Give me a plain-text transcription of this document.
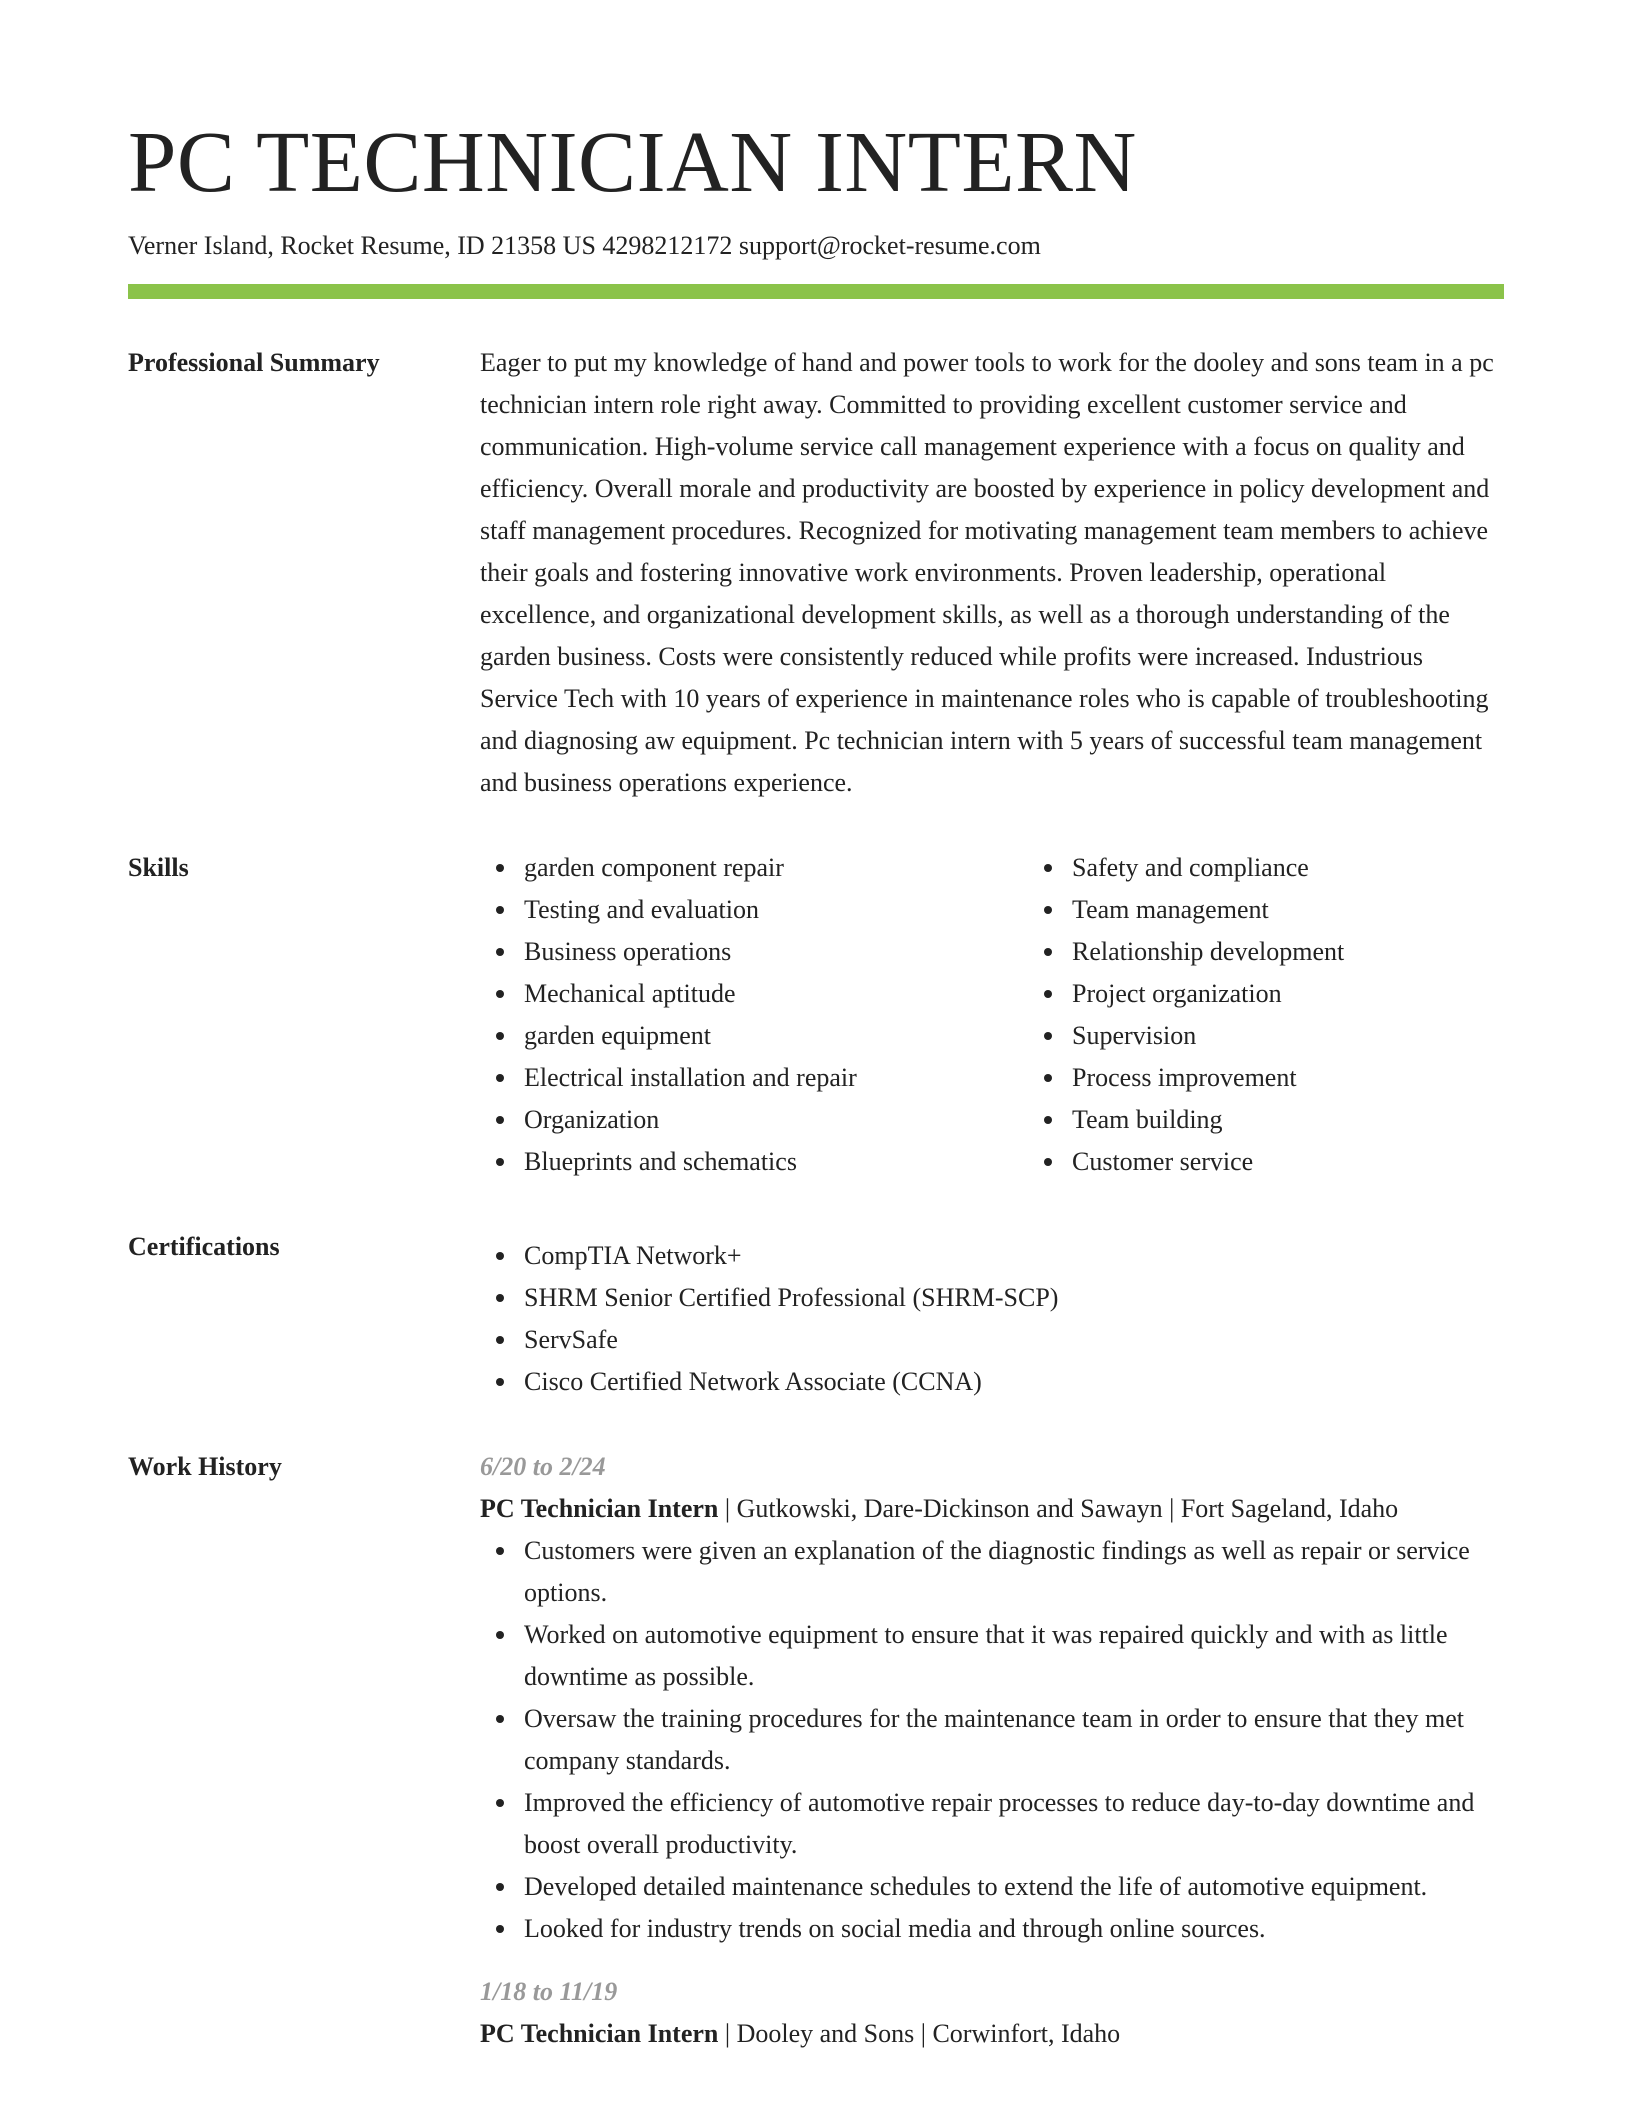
PC TECHNICIAN INTERN
Verner Island, Rocket Resume, ID 21358 US 4298212172 support@rocket-resume.com
Professional Summary	Eager to put my knowledge of hand and power tools to work for the dooley and sons team in a pc technician intern role right away. Committed to providing excellent customer service and communication. High-volume service call management experience with a focus on quality and efficiency. Overall morale and productivity are boosted by experience in policy development and staff management procedures. Recognized for motivating management team members to achieve their goals and fostering innovative work environments. Proven leadership, operational excellence, and organizational development skills, as well as a thorough understanding of the garden business. Costs were consistently reduced while profits were increased. Industrious Service Tech with 10 years of experience in maintenance roles who is capable of troubleshooting and diagnosing aw equipment. Pc technician intern with 5 years of successful team management and business operations experience.

Skills	garden component repair
Testing and evaluation
Business operations
Mechanical aptitude
garden equipment
Electrical installation and repair
Organization
Blueprints and schematics
Safety and compliance
Team management
Relationship development
Project organization
Supervision
Process improvement
Team building
Customer service
Certifications	CompTIA Network+
SHRM Senior Certified Professional (SHRM-SCP)
ServSafe
Cisco Certified Network Associate (CCNA)
Work History	6/20 to 2/24
PC Technician Intern | Gutkowski, Dare-Dickinson and Sawayn | Fort Sageland, Idaho
Customers were given an explanation of the diagnostic findings as well as repair or service options.
Worked on automotive equipment to ensure that it was repaired quickly and with as little downtime as possible.
Oversaw the training procedures for the maintenance team in order to ensure that they met company standards.
Improved the efficiency of automotive repair processes to reduce day-to-day downtime and boost overall productivity.
Developed detailed maintenance schedules to extend the life of automotive equipment.
Looked for industry trends on social media and through online sources.
1/18 to 11/19
PC Technician Intern | Dooley and Sons | Corwinfort, Idaho
